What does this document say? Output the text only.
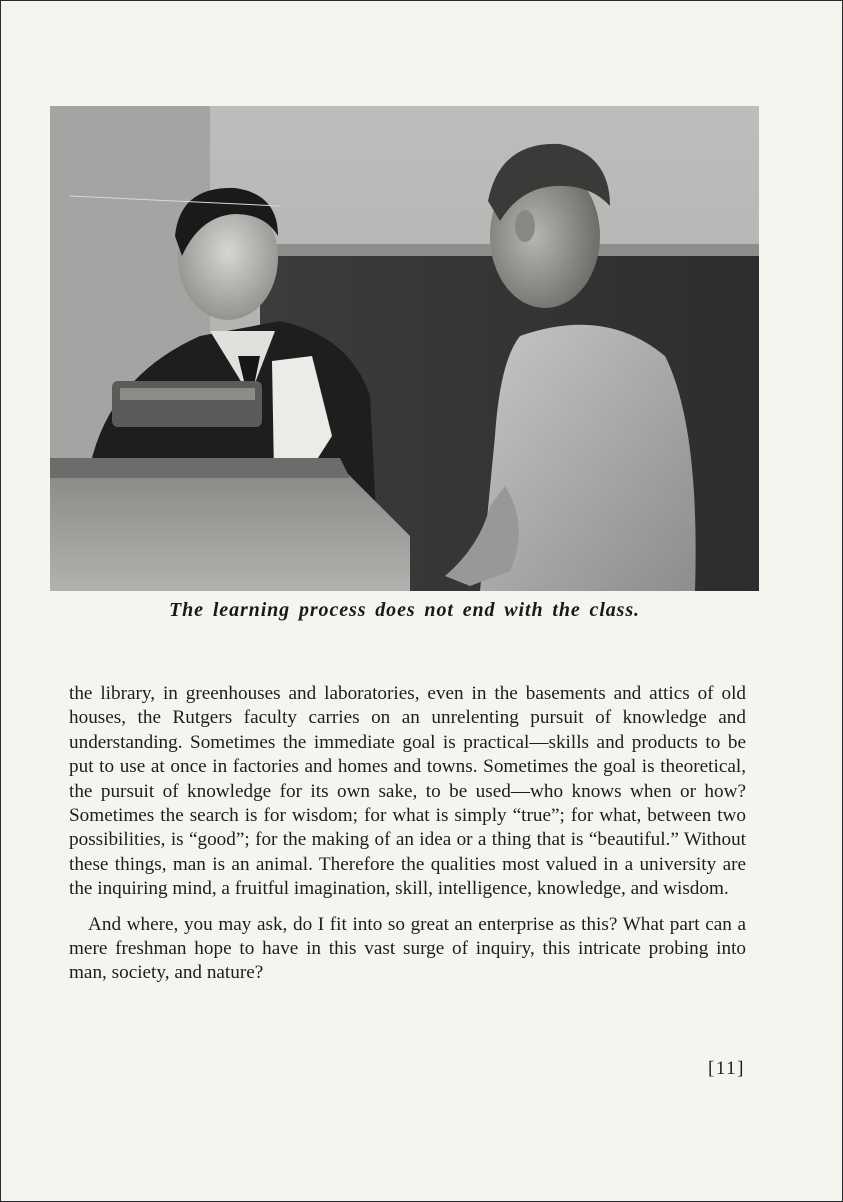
The learning process does not end with the class.

the library, in greenhouses and laboratories, even in the basements and attics of old houses, the Rutgers faculty carries on an unrelenting pursuit of knowledge and understanding. Sometimes the immediate goal is practical—skills and products to be put to use at once in factories and homes and towns. Sometimes the goal is theoretical, the pursuit of knowledge for its own sake, to be used—who knows when or how? Sometimes the search is for wisdom; for what is simply “true”; for what, between two possibilities, is “good”; for the making of an idea or a thing that is “beautiful.” Without these things, man is an animal. Therefore the qualities most valued in a university are the inquiring mind, a fruitful imagination, skill, intelligence, knowledge, and wisdom.

And where, you may ask, do I fit into so great an enterprise as this? What part can a mere freshman hope to have in this vast surge of inquiry, this intricate probing into man, society, and nature?

[11]
